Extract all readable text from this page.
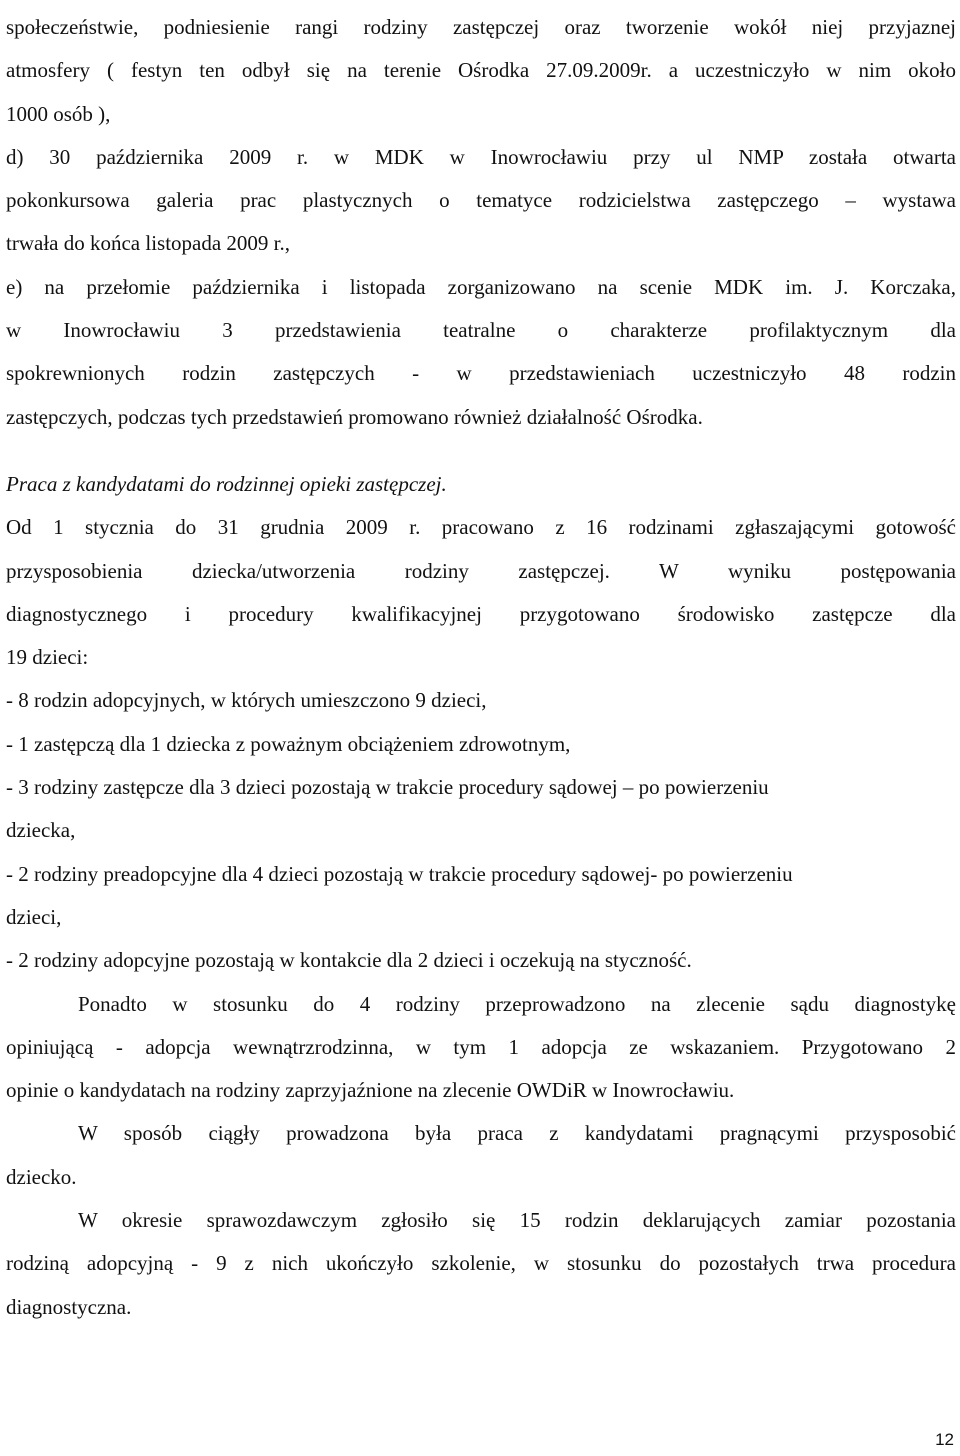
społeczeństwie, podniesienie rangi rodziny zastępczej oraz tworzenie wokół niej przyjaznej

atmosfery ( festyn ten odbył się na terenie Ośrodka 27.09.2009r. a uczestniczyło w nim około

1000 osób ),

d) 30 października 2009 r. w MDK w Inowrocławiu przy ul NMP została otwarta

pokonkursowa galeria prac plastycznych o tematyce rodzicielstwa zastępczego – wystawa

trwała do końca listopada 2009 r.,

e) na przełomie października i listopada zorganizowano na scenie MDK im. J. Korczaka,

w Inowrocławiu 3 przedstawienia teatralne o charakterze profilaktycznym dla

spokrewnionych rodzin zastępczych - w przedstawieniach uczestniczyło 48 rodzin

zastępczych, podczas tych przedstawień promowano również działalność Ośrodka.

Praca z kandydatami do rodzinnej opieki zastępczej.

Od 1 stycznia do 31 grudnia 2009 r. pracowano z 16 rodzinami zgłaszającymi gotowość

przysposobienia dziecka/utworzenia rodziny zastępczej. W wyniku postępowania

diagnostycznego i procedury kwalifikacyjnej przygotowano środowisko zastępcze dla

19 dzieci:

- 8 rodzin adopcyjnych, w których umieszczono 9 dzieci,

- 1 zastępczą dla 1 dziecka z poważnym obciążeniem zdrowotnym,

- 3 rodziny zastępcze dla 3 dzieci pozostają w trakcie procedury sądowej – po powierzeniu

dziecka,

- 2 rodziny preadopcyjne dla 4 dzieci pozostają w trakcie procedury sądowej- po powierzeniu

dzieci,

- 2 rodziny adopcyjne pozostają w kontakcie dla 2 dzieci i oczekują na styczność.

Ponadto w stosunku do 4 rodziny przeprowadzono na zlecenie sądu diagnostykę

opiniującą - adopcja wewnątrzrodzinna, w tym 1 adopcja ze wskazaniem. Przygotowano 2

opinie o kandydatach na rodziny zaprzyjaźnione na zlecenie OWDiR w Inowrocławiu.

W sposób ciągły prowadzona była praca z kandydatami pragnącymi przysposobić

dziecko.

W okresie sprawozdawczym zgłosiło się 15 rodzin deklarujących zamiar pozostania

rodziną adopcyjną - 9 z nich ukończyło szkolenie, w stosunku do pozostałych trwa procedura

diagnostyczna.

12
